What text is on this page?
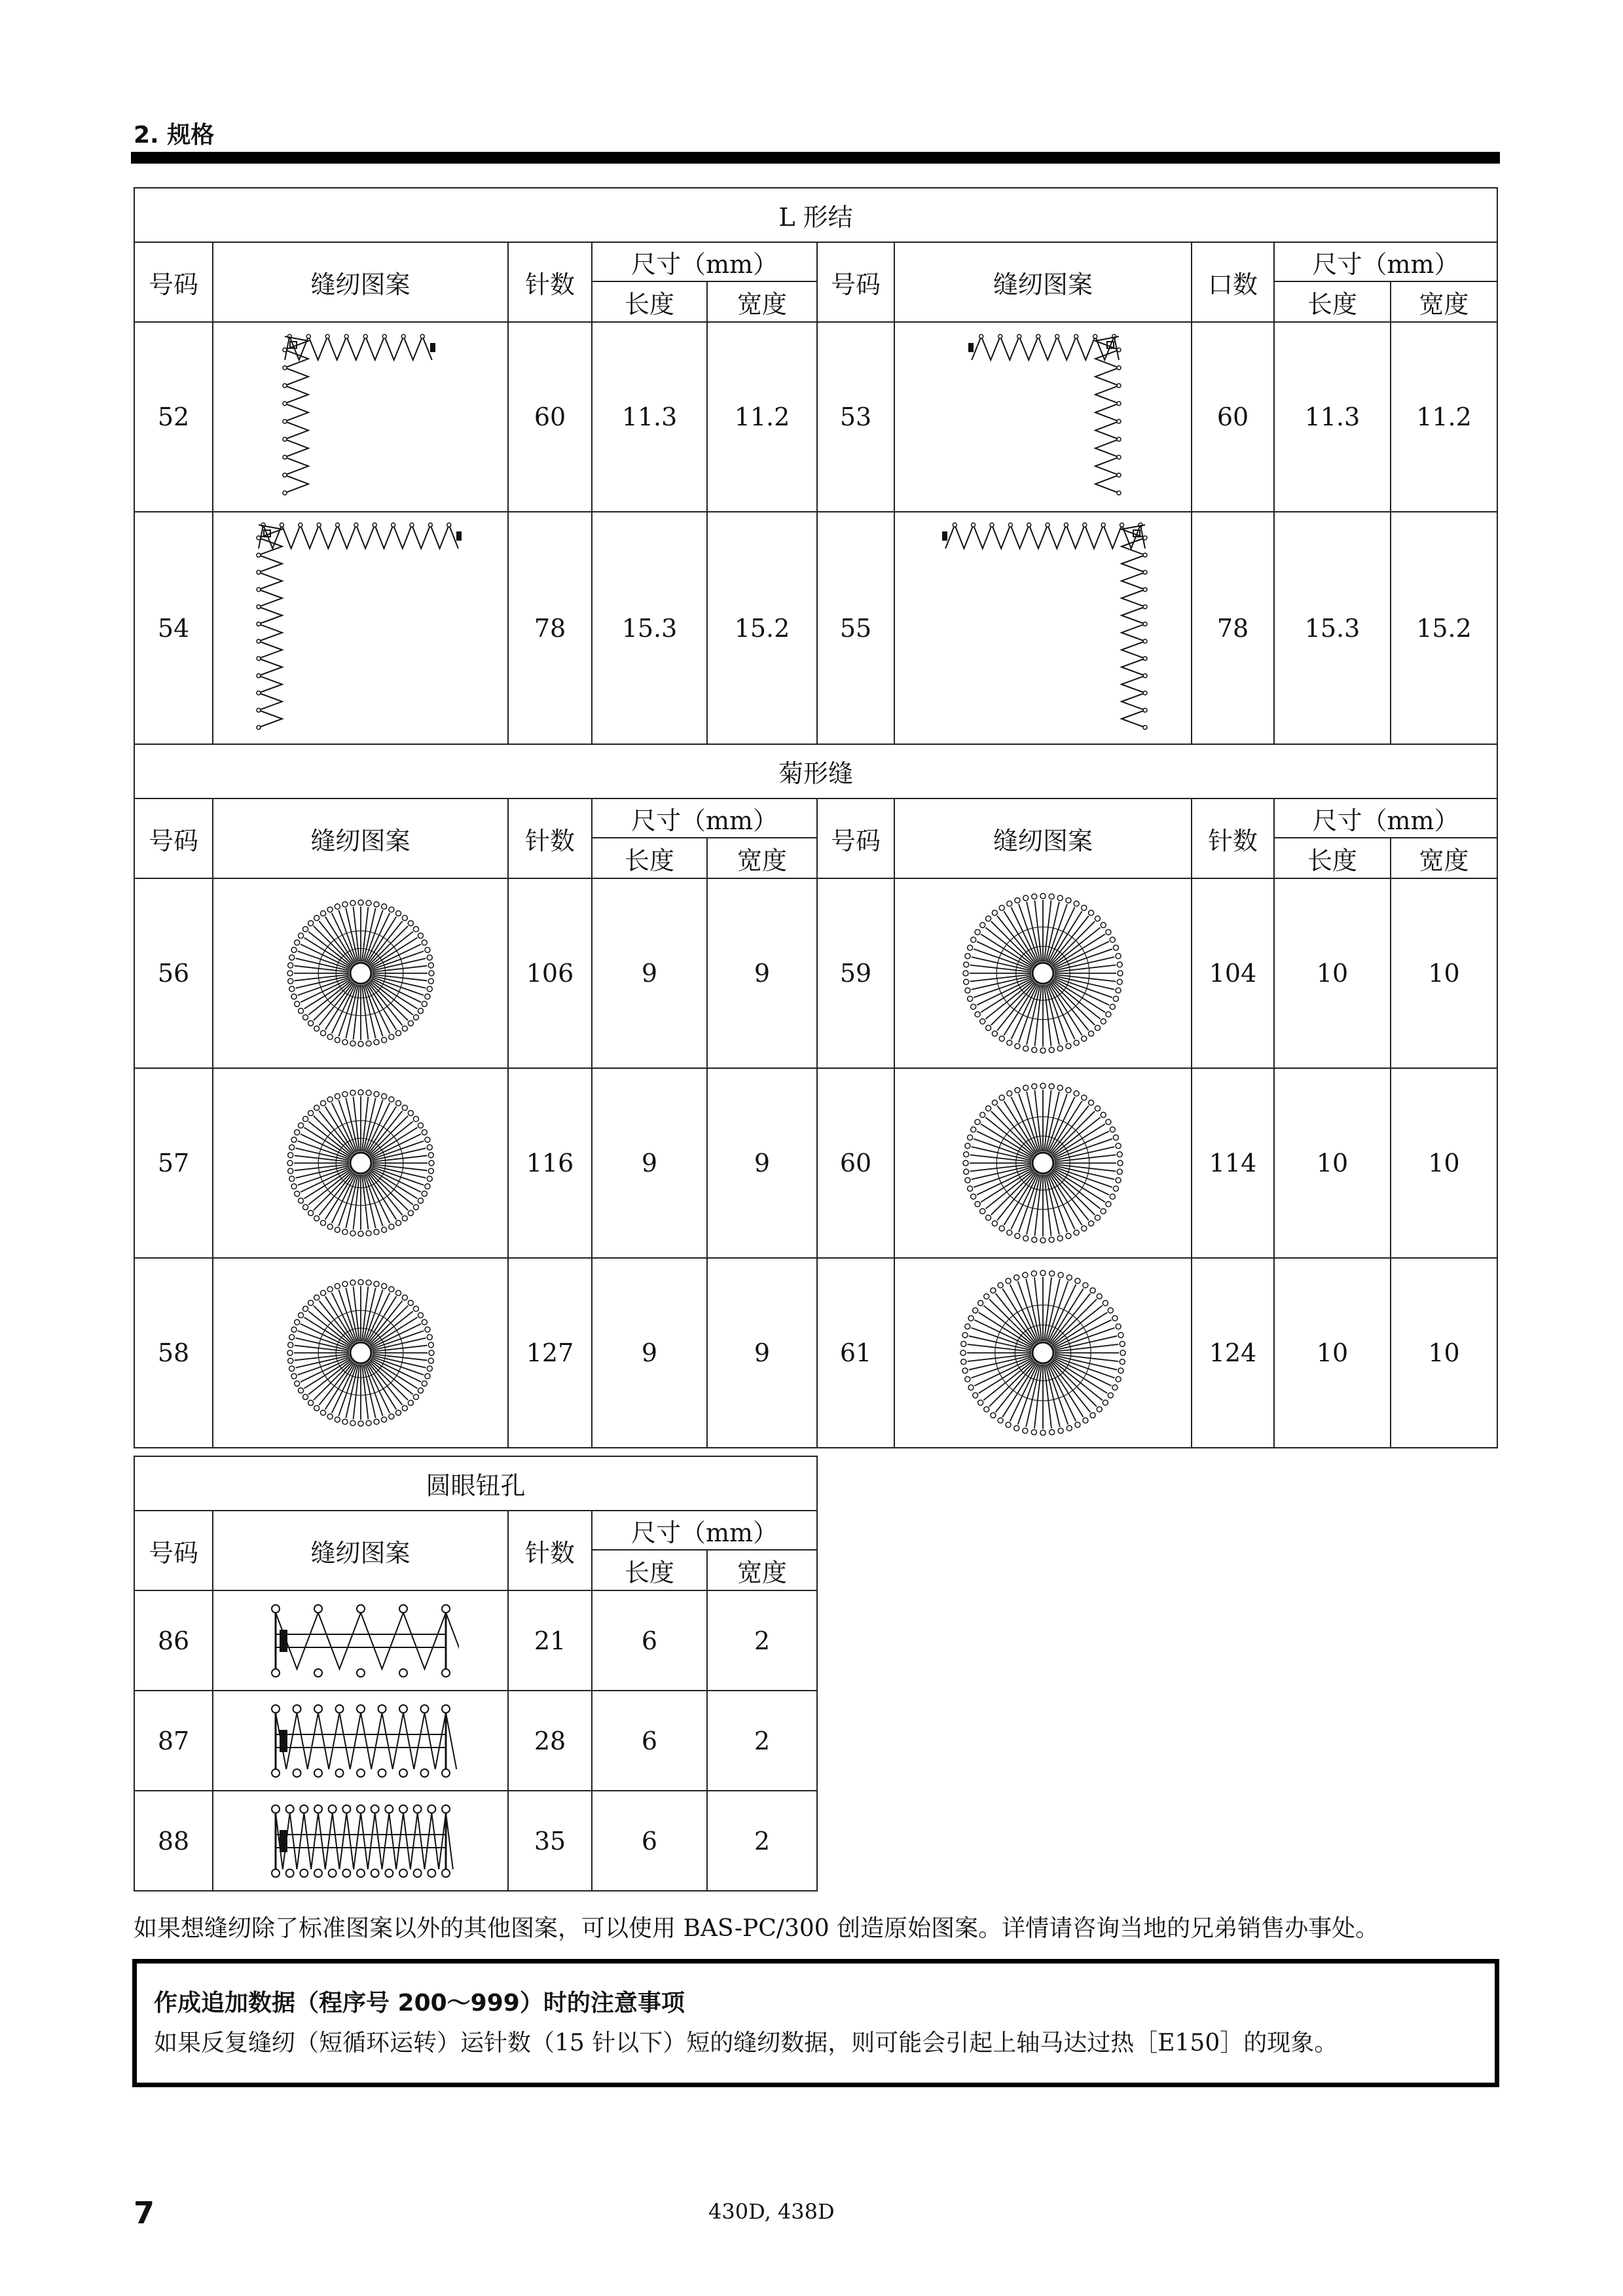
2. 规格
L 形结									
号码	缝纫图案	针数	尺寸（mm）		号码	缝纫图案	口数	尺寸（mm）	
			长度	宽度				长度	宽度
52		60	11.3	11.2	53		60	11.3	11.2
54		78	15.3	15.2	55		78	15.3	15.2
菊形缝									
号码	缝纫图案	针数	尺寸（mm）		号码	缝纫图案	针数	尺寸（mm）	
			长度	宽度				长度	宽度
56		106	9	9	59		104	10	10
57		116	9	9	60		114	10	10
58		127	9	9	61		124	10	10
圆眼钮孔				
号码	缝纫图案	针数	尺寸（mm）	
			长度	宽度
86		21	6	2
87		28	6	2
88		35	6	2
如果想缝纫除了标准图案以外的其他图案，可以使用 BAS-PC/300 创造原始图案。详情请咨询当地的兄弟销售办事处。
作成追加数据（程序号 200～999）时的注意事项
如果反复缝纫（短循环运转）运针数（15 针以下）短的缝纫数据，则可能会引起上轴马达过热［E150］的现象。
7	430D, 438D
